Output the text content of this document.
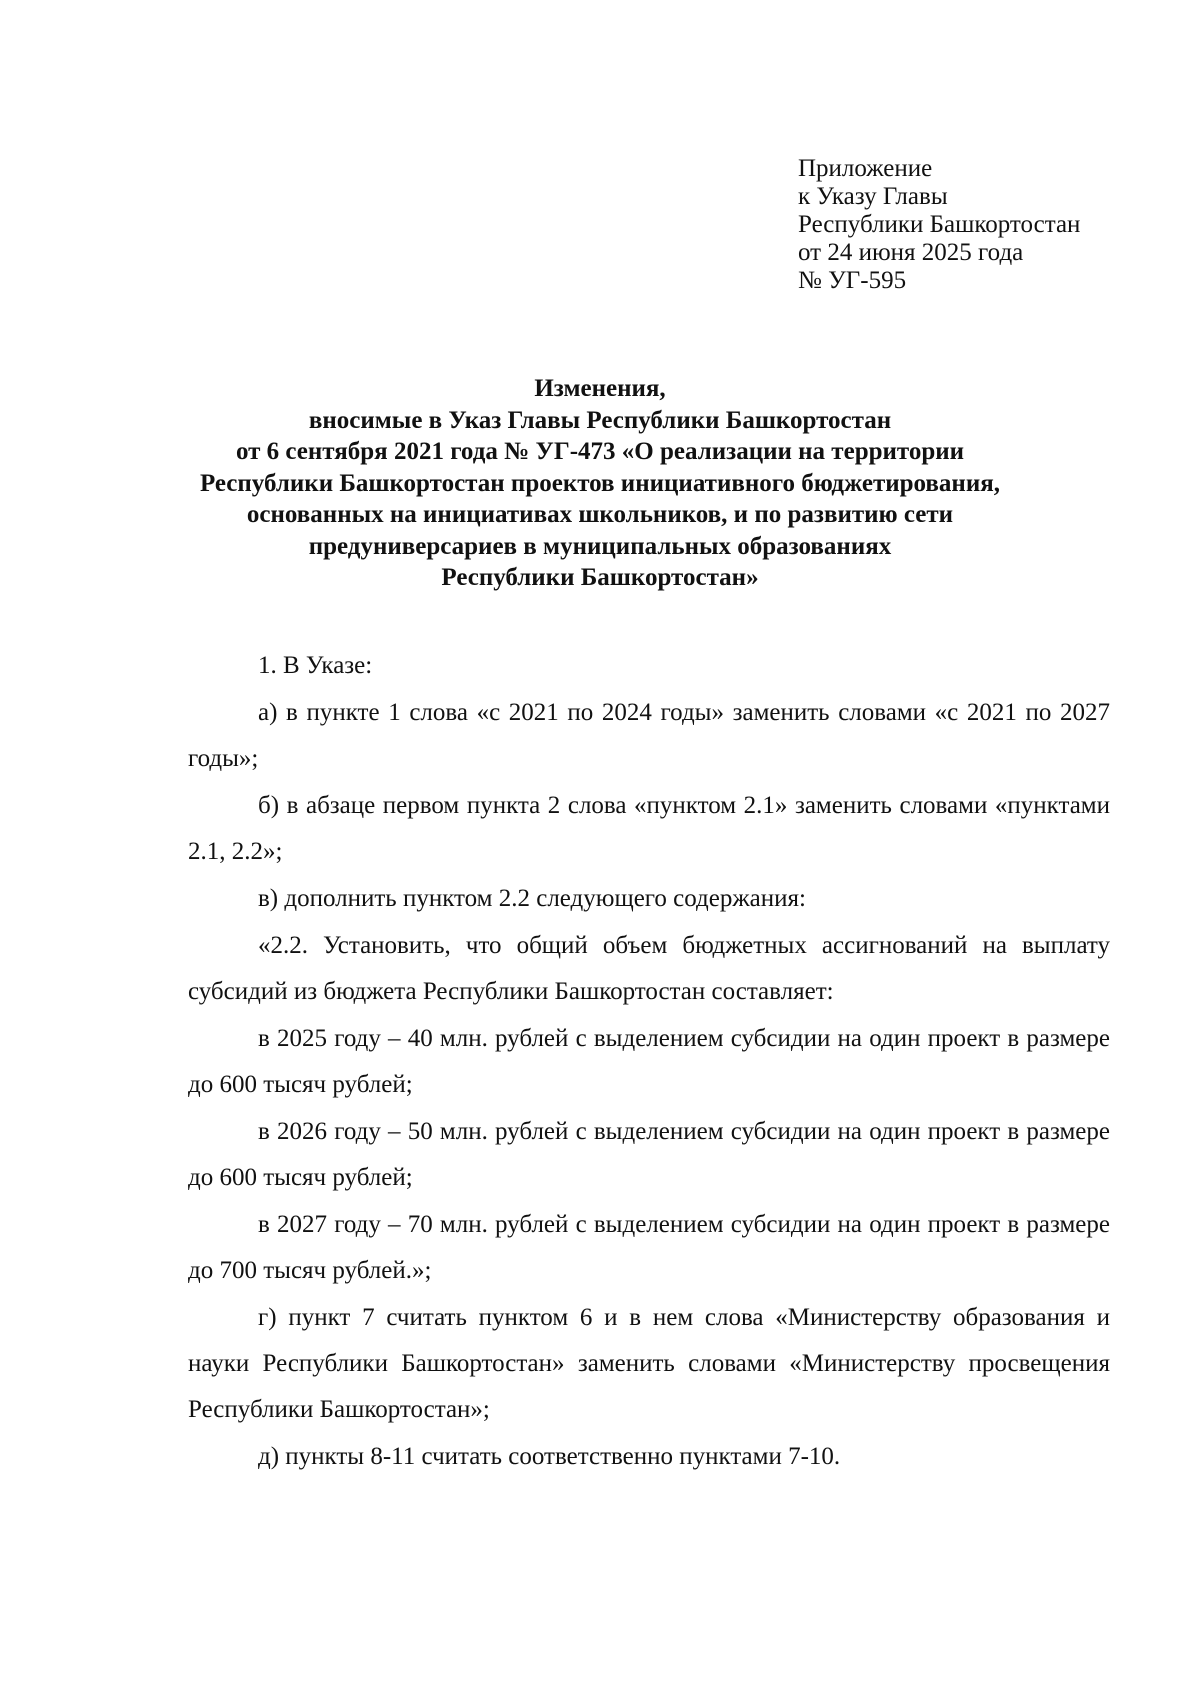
Приложение
к Указу Главы
Республики Башкортостан
от 24 июня 2025 года
№ УГ-595
Изменения,
вносимые в Указ Главы Республики Башкортостан
от 6 сентября 2021 года № УГ-473 «О реализации на территории
Республики Башкортостан проектов инициативного бюджетирования,
основанных на инициативах школьников, и по развитию сети
предуниверсариев в муниципальных образованиях
Республики Башкортостан»

1. В Указе:

а) в пункте 1 слова «с 2021 по 2024 годы» заменить словами «с 2021 по 2027 годы»;

б) в абзаце первом пункта 2 слова «пунктом 2.1» заменить словами «пунктами 2.1, 2.2»;

в) дополнить пунктом 2.2 следующего содержания:

«2.2. Установить, что общий объем бюджетных ассигнований на выплату субсидий из бюджета Республики Башкортостан составляет:

в 2025 году – 40 млн. рублей с выделением субсидии на один проект в размере до 600 тысяч рублей;

в 2026 году – 50 млн. рублей с выделением субсидии на один проект в размере до 600 тысяч рублей;

в 2027 году – 70 млн. рублей с выделением субсидии на один проект в размере до 700 тысяч рублей.»;

г) пункт 7 считать пунктом 6 и в нем слова «Министерству образования и науки Республики Башкортостан» заменить словами «Министерству просвещения Республики Башкортостан»;

д) пункты 8-11 считать соответственно пунктами 7-10.
